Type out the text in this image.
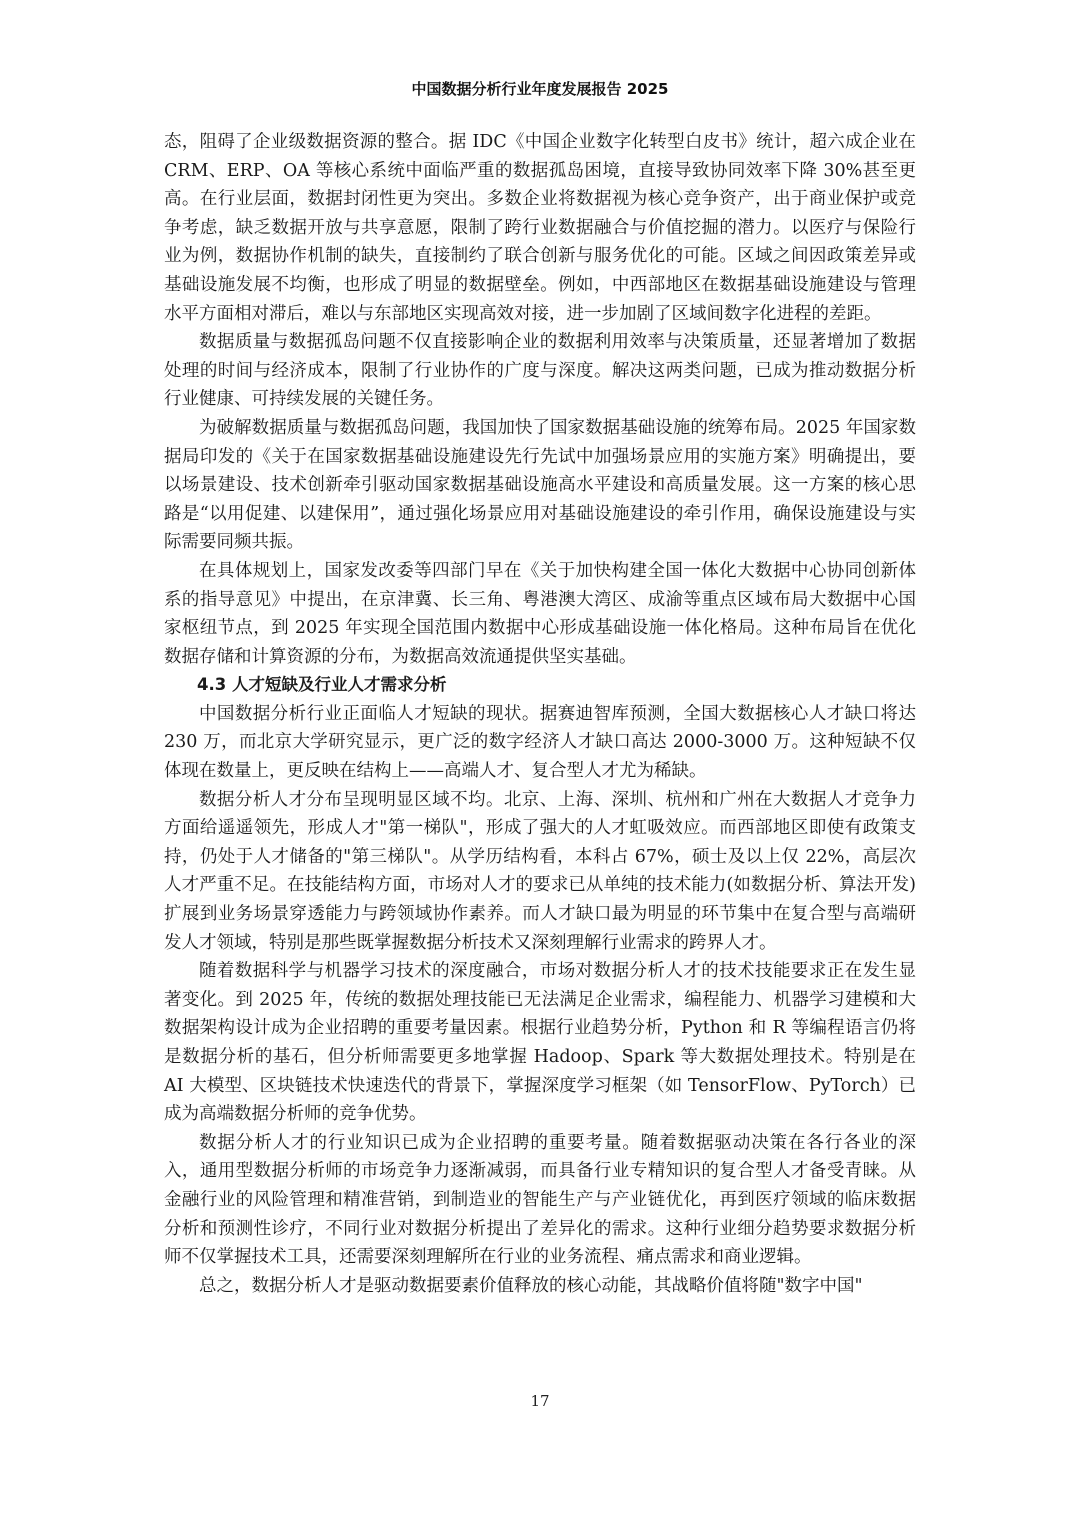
中国数据分析行业年度发展报告 2025

态，阻碍了企业级数据资源的整合。据 IDC《中国企业数字化转型白皮书》统计，超六成企业在 CRM、ERP、OA 等核心系统中面临严重的数据孤岛困境，直接导致协同效率下降 30%甚至更高。在行业层面，数据封闭性更为突出。多数企业将数据视为核心竞争资产，出于商业保护或竞争考虑，缺乏数据开放与共享意愿，限制了跨行业数据融合与价值挖掘的潜力。以医疗与保险行业为例，数据协作机制的缺失，直接制约了联合创新与服务优化的可能。区域之间因政策差异或基础设施发展不均衡，也形成了明显的数据壁垒。例如，中西部地区在数据基础设施建设与管理水平方面相对滞后，难以与东部地区实现高效对接，进一步加剧了区域间数字化进程的差距。

数据质量与数据孤岛问题不仅直接影响企业的数据利用效率与决策质量，还显著增加了数据处理的时间与经济成本，限制了行业协作的广度与深度。解决这两类问题，已成为推动数据分析行业健康、可持续发展的关键任务。

为破解数据质量与数据孤岛问题，我国加快了国家数据基础设施的统筹布局。2025 年国家数据局印发的《关于在国家数据基础设施建设先行先试中加强场景应用的实施方案》明确提出，要以场景建设、技术创新牵引驱动国家数据基础设施高水平建设和高质量发展。这一方案的核心思路是“以用促建、以建保用”，通过强化场景应用对基础设施建设的牵引作用，确保设施建设与实际需要同频共振。

在具体规划上，国家发改委等四部门早在《关于加快构建全国一体化大数据中心协同创新体系的指导意见》中提出，在京津冀、长三角、粤港澳大湾区、成渝等重点区域布局大数据中心国家枢纽节点，到 2025 年实现全国范围内数据中心形成基础设施一体化格局。这种布局旨在优化数据存储和计算资源的分布，为数据高效流通提供坚实基础。

4.3 人才短缺及行业人才需求分析

中国数据分析行业正面临人才短缺的现状。据赛迪智库预测，全国大数据核心人才缺口将达 230 万，而北京大学研究显示，更广泛的数字经济人才缺口高达 2000-3000 万。这种短缺不仅体现在数量上，更反映在结构上——高端人才、复合型人才尤为稀缺。

数据分析人才分布呈现明显区域不均。北京、上海、深圳、杭州和广州在大数据人才竞争力方面给遥遥领先，形成人才"第一梯队"，形成了强大的人才虹吸效应。而西部地区即使有政策支持，仍处于人才储备的"第三梯队"。从学历结构看，本科占 67%，硕士及以上仅 22%，高层次人才严重不足。在技能结构方面，市场对人才的要求已从单纯的技术能力(如数据分析、算法开发)扩展到业务场景穿透能力与跨领域协作素养。而人才缺口最为明显的环节集中在复合型与高端研发人才领域，特别是那些既掌握数据分析技术又深刻理解行业需求的跨界人才。

随着数据科学与机器学习技术的深度融合，市场对数据分析人才的技术技能要求正在发生显著变化。到 2025 年，传统的数据处理技能已无法满足企业需求，编程能力、机器学习建模和大数据架构设计成为企业招聘的重要考量因素。根据行业趋势分析，Python 和 R 等编程语言仍将是数据分析的基石，但分析师需要更多地掌握 Hadoop、Spark 等大数据处理技术。特别是在 AI 大模型、区块链技术快速迭代的背景下，掌握深度学习框架（如 TensorFlow、PyTorch）已成为高端数据分析师的竞争优势。

数据分析人才的行业知识已成为企业招聘的重要考量。随着数据驱动决策在各行各业的深入，通用型数据分析师的市场竞争力逐渐减弱，而具备行业专精知识的复合型人才备受青睐。从金融行业的风险管理和精准营销，到制造业的智能生产与产业链优化，再到医疗领域的临床数据分析和预测性诊疗，不同行业对数据分析提出了差异化的需求。这种行业细分趋势要求数据分析师不仅掌握技术工具，还需要深刻理解所在行业的业务流程、痛点需求和商业逻辑。

总之，数据分析人才是驱动数据要素价值释放的核心动能，其战略价值将随"数字中国"

17
